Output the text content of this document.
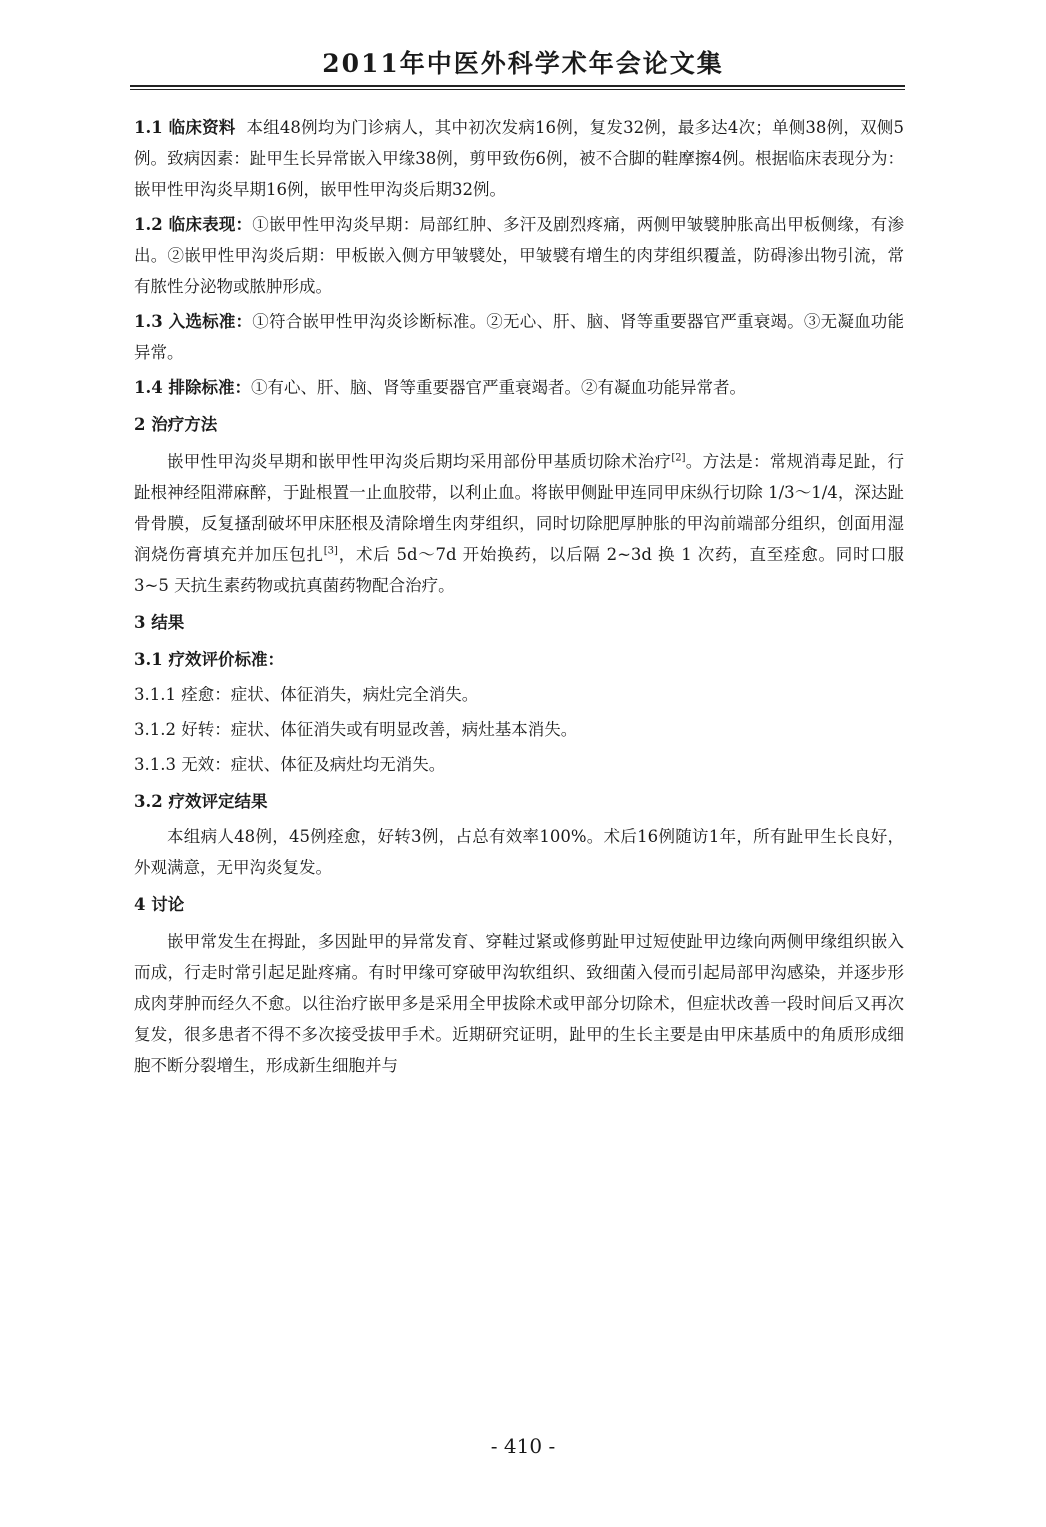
2011年中医外科学术年会论文集

1.1 临床资料 本组48例均为门诊病人，其中初次发病16例，复发32例，最多达4次；单侧38例，双侧5例。致病因素：趾甲生长异常嵌入甲缘38例，剪甲致伤6例，被不合脚的鞋摩擦4例。根据临床表现分为：嵌甲性甲沟炎早期16例，嵌甲性甲沟炎后期32例。

1.2 临床表现：①嵌甲性甲沟炎早期：局部红肿、多汗及剧烈疼痛，两侧甲皱襞肿胀高出甲板侧缘，有渗出。②嵌甲性甲沟炎后期：甲板嵌入侧方甲皱襞处，甲皱襞有增生的肉芽组织覆盖，防碍渗出物引流，常有脓性分泌物或脓肿形成。

1.3 入选标准：①符合嵌甲性甲沟炎诊断标准。②无心、肝、脑、肾等重要器官严重衰竭。③无凝血功能异常。

1.4 排除标准：①有心、肝、脑、肾等重要器官严重衰竭者。②有凝血功能异常者。

2 治疗方法

嵌甲性甲沟炎早期和嵌甲性甲沟炎后期均采用部份甲基质切除术治疗[2]。方法是：常规消毒足趾，行趾根神经阻滞麻醉，于趾根置一止血胶带，以利止血。将嵌甲侧趾甲连同甲床纵行切除 1/3～1/4，深达趾骨骨膜，反复搔刮破坏甲床胚根及清除增生肉芽组织，同时切除肥厚肿胀的甲沟前端部分组织，创面用湿润烧伤膏填充并加压包扎[3]，术后 5d～7d 开始换药，以后隔 2~3d 换 1 次药，直至痊愈。同时口服 3~5 天抗生素药物或抗真菌药物配合治疗。

3 结果

3.1 疗效评价标准：

3.1.1 痊愈：症状、体征消失，病灶完全消失。

3.1.2 好转：症状、体征消失或有明显改善，病灶基本消失。

3.1.3 无效：症状、体征及病灶均无消失。

3.2 疗效评定结果

本组病人48例，45例痊愈，好转3例，占总有效率100%。术后16例随访1年，所有趾甲生长良好，外观满意，无甲沟炎复发。

4 讨论

嵌甲常发生在拇趾，多因趾甲的异常发育、穿鞋过紧或修剪趾甲过短使趾甲边缘向两侧甲缘组织嵌入而成，行走时常引起足趾疼痛。有时甲缘可穿破甲沟软组织、致细菌入侵而引起局部甲沟感染，并逐步形成肉芽肿而经久不愈。以往治疗嵌甲多是采用全甲拔除术或甲部分切除术，但症状改善一段时间后又再次复发，很多患者不得不多次接受拔甲手术。近期研究证明，趾甲的生长主要是由甲床基质中的角质形成细胞不断分裂增生，形成新生细胞并与

- 410 -
